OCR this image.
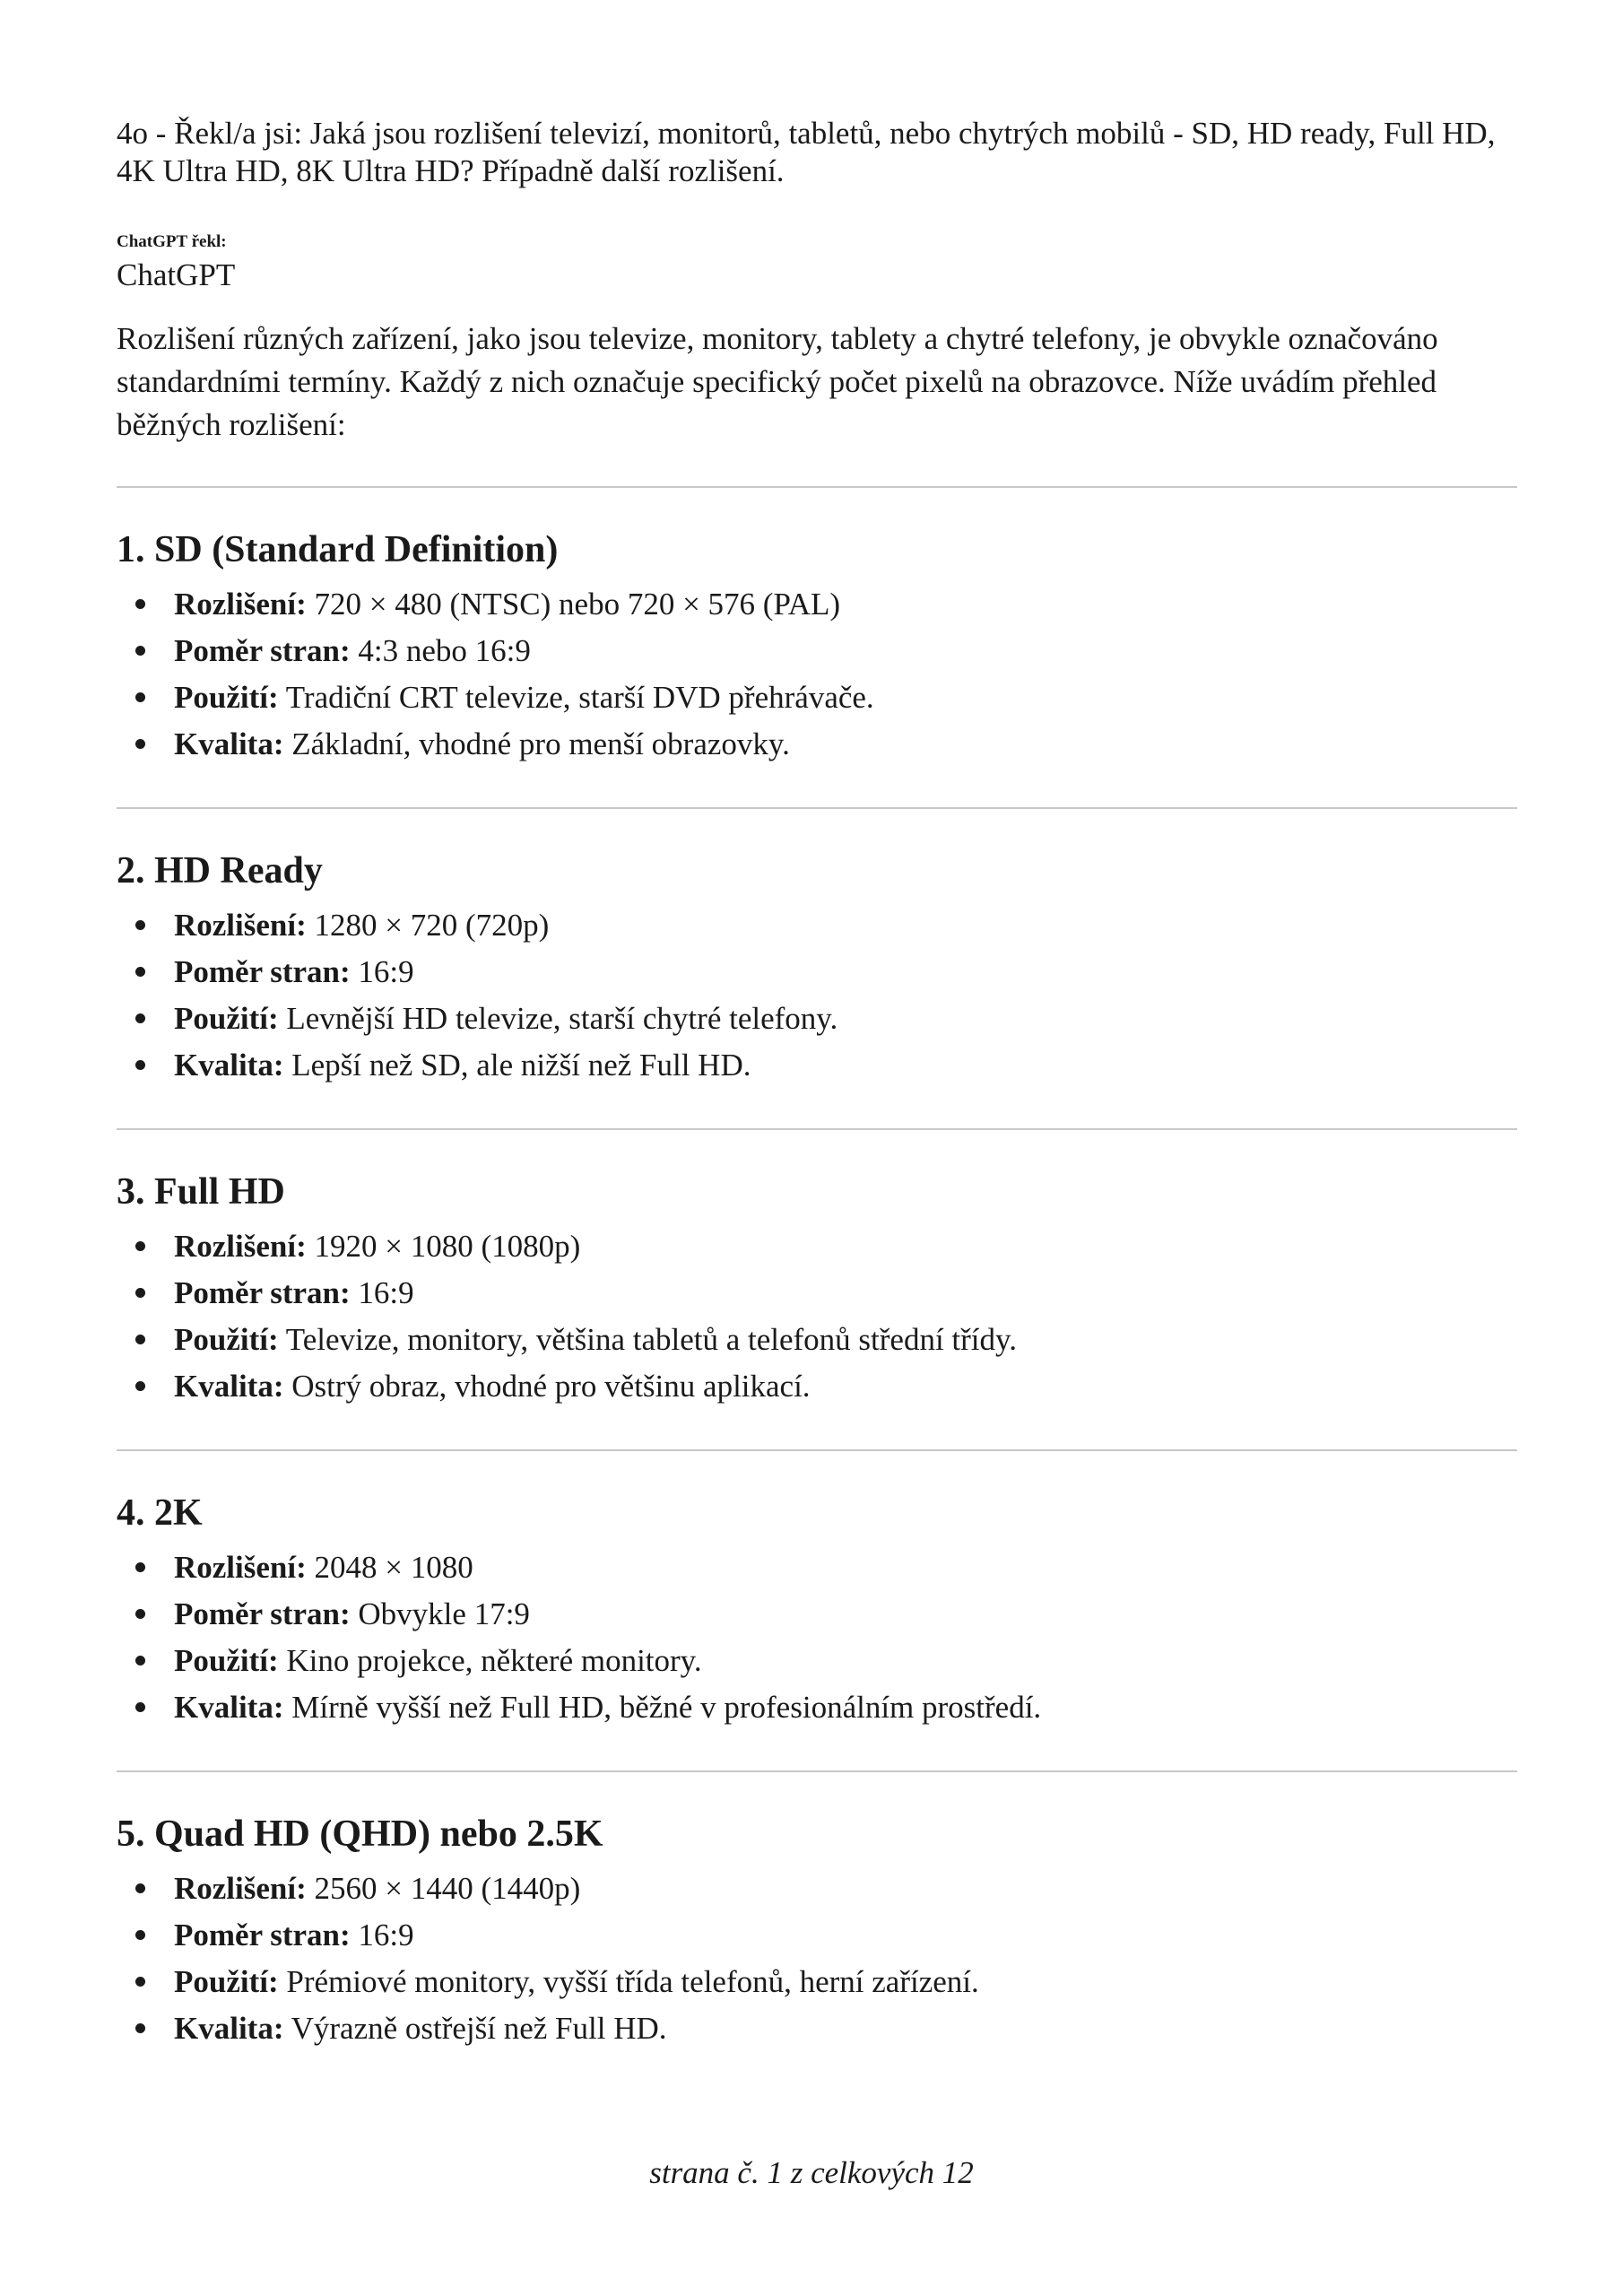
4o - Řekl/a jsi: Jaká jsou rozlišení televizí, monitorů, tabletů, nebo chytrých mobilů - SD, HD ready, Full HD, 4K Ultra HD, 8K Ultra HD? Případně další rozlišení.

ChatGPT řekl:

ChatGPT

Rozlišení různých zařízení, jako jsou televize, monitory, tablety a chytré telefony, je obvykle označováno standardními termíny. Každý z nich označuje specifický počet pixelů na obrazovce. Níže uvádím přehled běžných rozlišení:

1. SD (Standard Definition)
Rozlišení: 720 × 480 (NTSC) nebo 720 × 576 (PAL)
Poměr stran: 4:3 nebo 16:9
Použití: Tradiční CRT televize, starší DVD přehrávače.
Kvalita: Základní, vhodné pro menší obrazovky.
2. HD Ready
Rozlišení: 1280 × 720 (720p)
Poměr stran: 16:9
Použití: Levnější HD televize, starší chytré telefony.
Kvalita: Lepší než SD, ale nižší než Full HD.
3. Full HD
Rozlišení: 1920 × 1080 (1080p)
Poměr stran: 16:9
Použití: Televize, monitory, většina tabletů a telefonů střední třídy.
Kvalita: Ostrý obraz, vhodné pro většinu aplikací.
4. 2K
Rozlišení: 2048 × 1080
Poměr stran: Obvykle 17:9
Použití: Kino projekce, některé monitory.
Kvalita: Mírně vyšší než Full HD, běžné v profesionálním prostředí.
5. Quad HD (QHD) nebo 2.5K
Rozlišení: 2560 × 1440 (1440p)
Poměr stran: 16:9
Použití: Prémiové monitory, vyšší třída telefonů, herní zařízení.
Kvalita: Výrazně ostřejší než Full HD.
strana č. 1 z celkových 12
